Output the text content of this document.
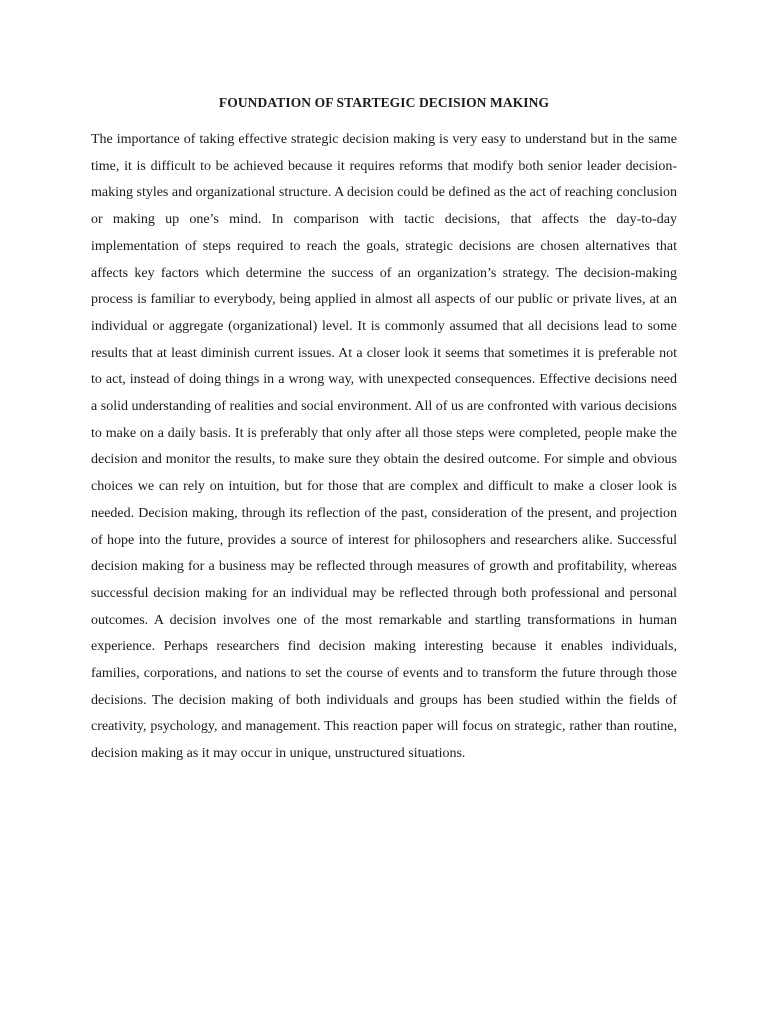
FOUNDATION OF STARTEGIC DECISION MAKING

The importance of taking effective strategic decision making is very easy to understand but in the same time, it is difficult to be achieved because it requires reforms that modify both senior leader decision-making styles and organizational structure. A decision could be defined as the act of reaching conclusion or making up one’s mind. In comparison with tactic decisions, that affects the day-to-day implementation of steps required to reach the goals, strategic decisions are chosen alternatives that affects key factors which determine the success of an organization’s strategy. The decision-making process is familiar to everybody, being applied in almost all aspects of our public or private lives, at an individual or aggregate (organizational) level. It is commonly assumed that all decisions lead to some results that at least diminish current issues. At a closer look it seems that sometimes it is preferable not to act, instead of doing things in a wrong way, with unexpected consequences. Effective decisions need a solid understanding of realities and social environment. All of us are confronted with various decisions to make on a daily basis. It is preferably that only after all those steps were completed, people make the decision and monitor the results, to make sure they obtain the desired outcome. For simple and obvious choices we can rely on intuition, but for those that are complex and difficult to make a closer look is needed. Decision making, through its reflection of the past, consideration of the present, and projection of hope into the future, provides a source of interest for philosophers and researchers alike. Successful decision making for a business may be reflected through measures of growth and profitability, whereas successful decision making for an individual may be reflected through both professional and personal outcomes. A decision involves one of the most remarkable and startling transformations in human experience. Perhaps researchers find decision making interesting because it enables individuals, families, corporations, and nations to set the course of events and to transform the future through those decisions. The decision making of both individuals and groups has been studied within the fields of creativity, psychology, and management. This reaction paper will focus on strategic, rather than routine, decision making as it may occur in unique, unstructured situations.
